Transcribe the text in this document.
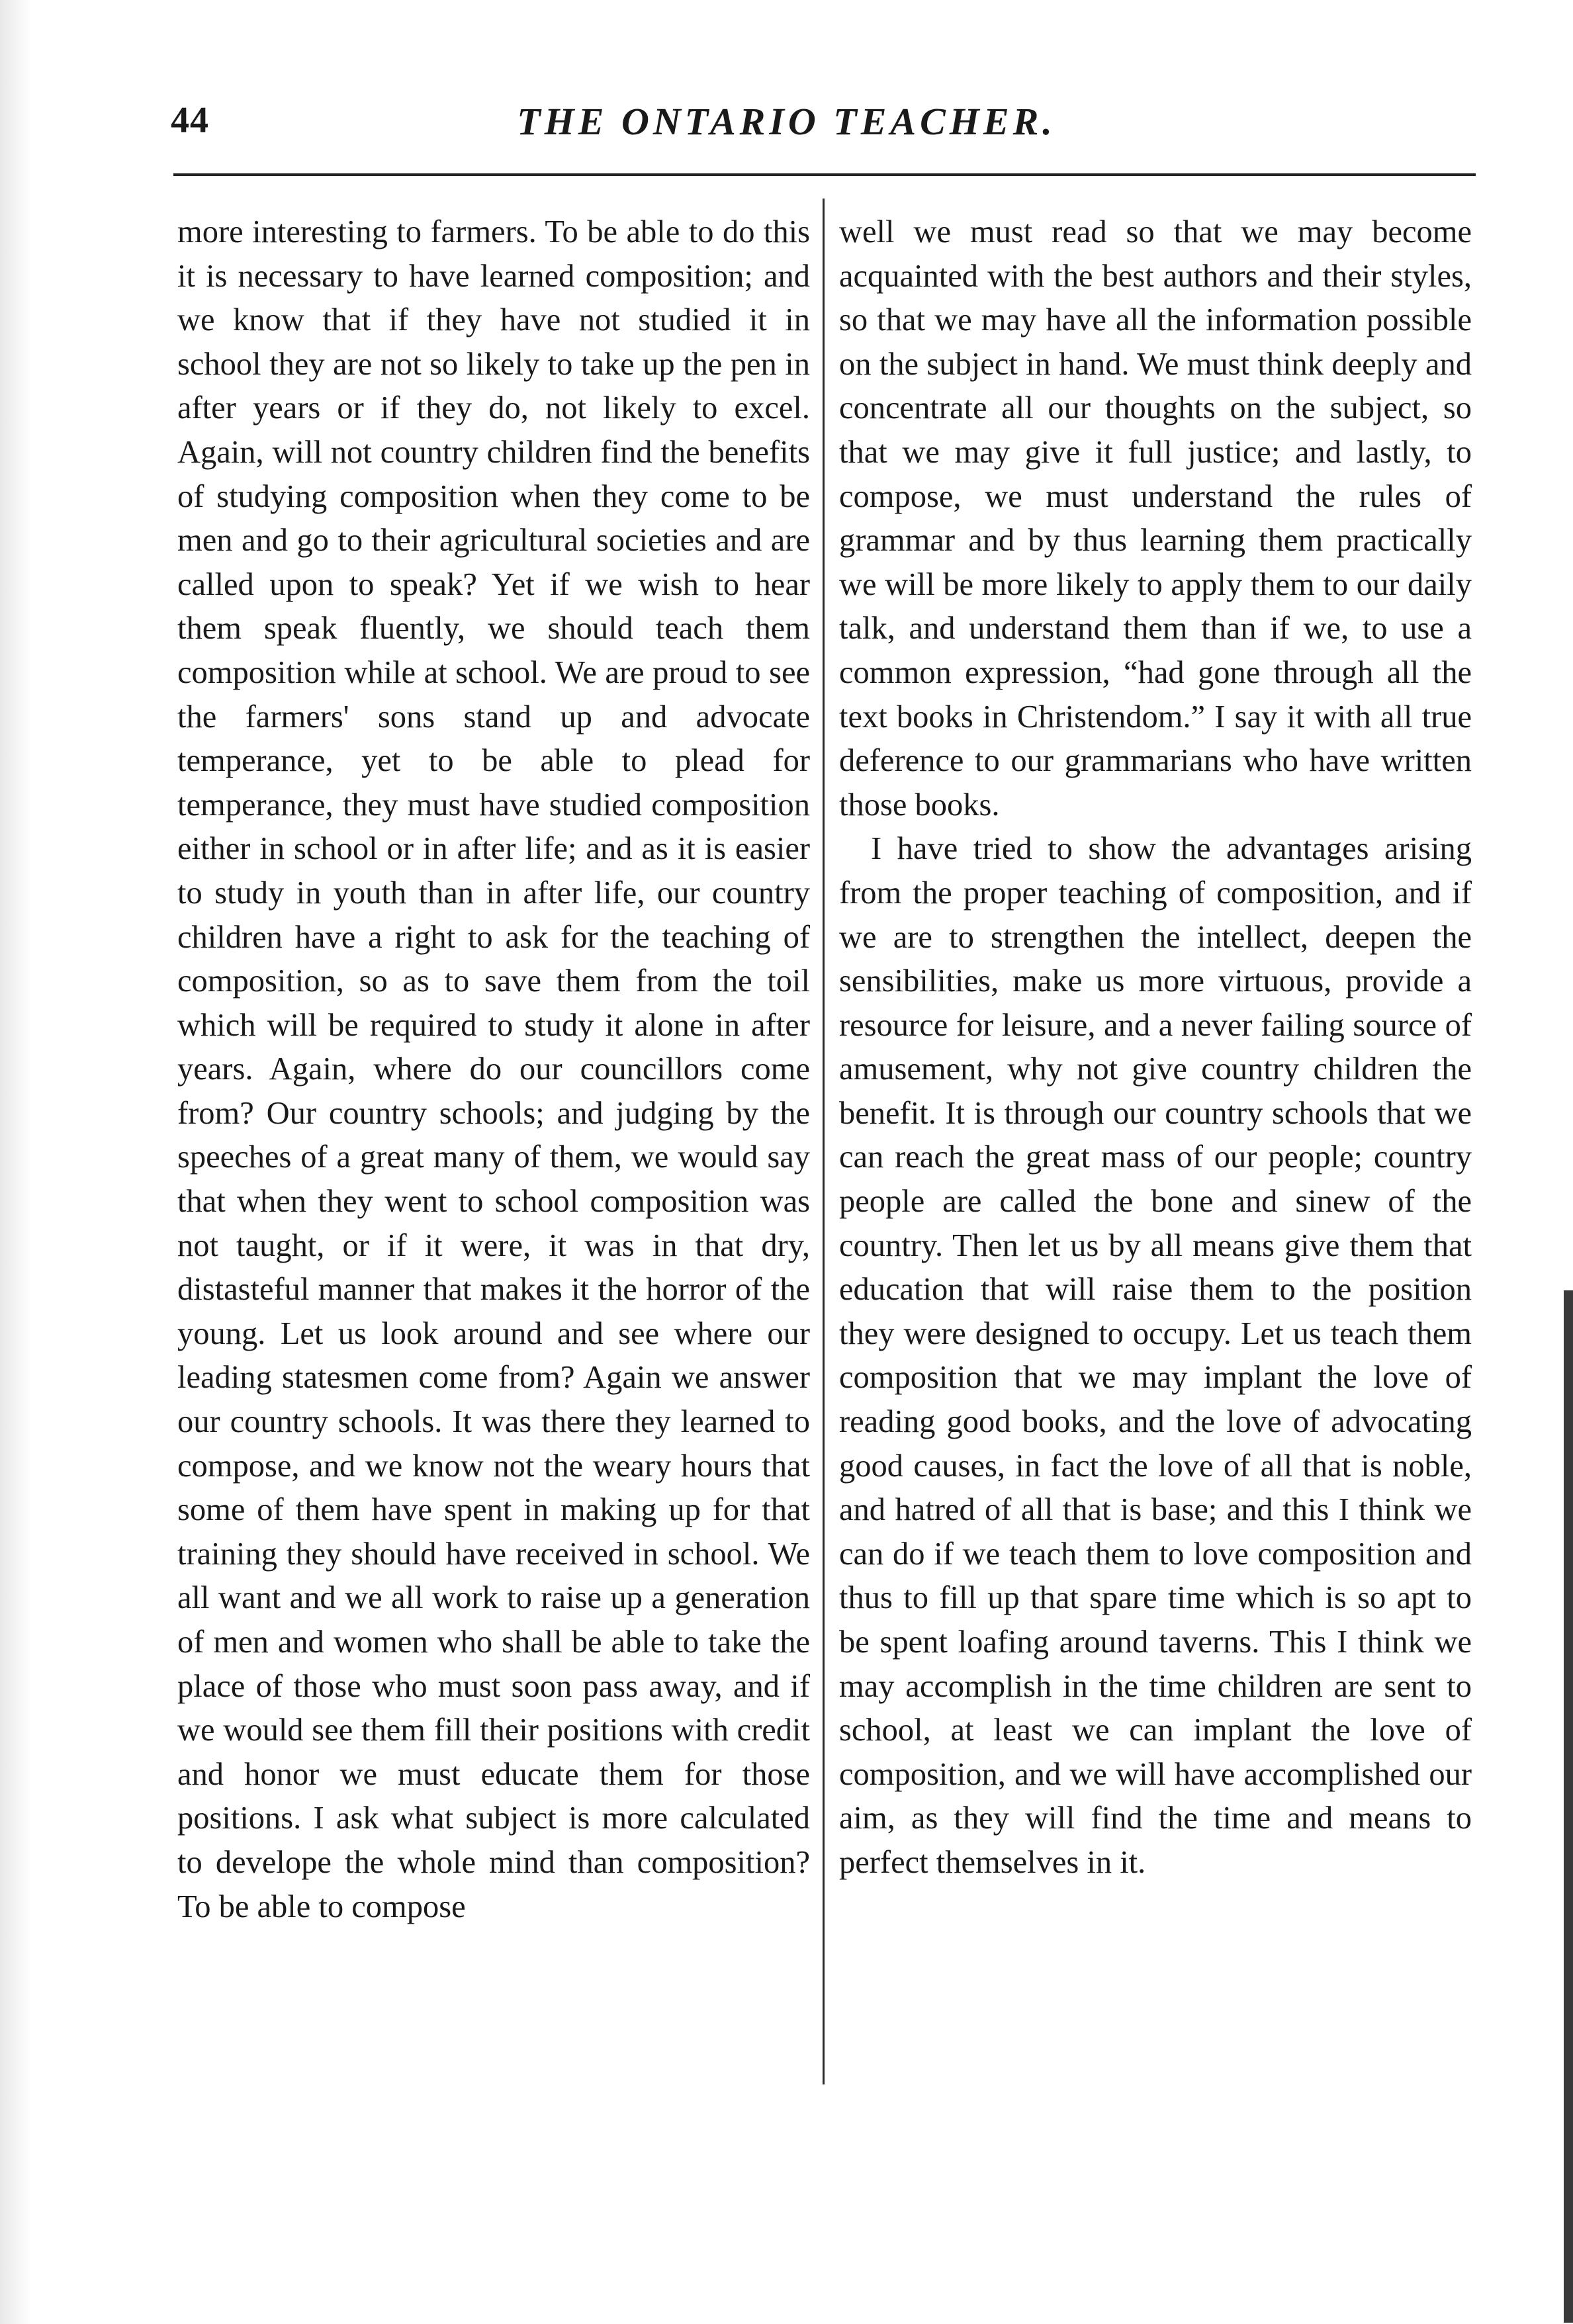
44	THE ONTARIO TEACHER.

more interesting to farmers. To be able to do this it is necessary to have learned composition; and we know that if they have not studied it in school they are not so likely to take up the pen in after years or if they do, not likely to excel. Again, will not country children find the benefits of studying composition when they come to be men and go to their agricultural societies and are called upon to speak? Yet if we wish to hear them speak fluently, we should teach them composition while at school. We are proud to see the farmers' sons stand up and advocate temperance, yet to be able to plead for temperance, they must have studied composition either in school or in after life; and as it is easier to study in youth than in after life, our country children have a right to ask for the teaching of composition, so as to save them from the toil which will be required to study it alone in after years. Again, where do our councillors come from? Our country schools; and judging by the speeches of a great many of them, we would say that when they went to school composition was not taught, or if it were, it was in that dry, distasteful manner that makes it the horror of the young. Let us look around and see where our leading statesmen come from? Again we answer our country schools. It was there they learned to compose, and we know not the weary hours that some of them have spent in making up for that training they should have received in school. We all want and we all work to raise up a generation of men and women who shall be able to take the place of those who must soon pass away, and if we would see them fill their positions with credit and honor we must educate them for those positions. I ask what subject is more calculated to develope the whole mind than composition? To be able to compose

well we must read so that we may become acquainted with the best authors and their styles, so that we may have all the information possible on the subject in hand. We must think deeply and concentrate all our thoughts on the subject, so that we may give it full justice; and lastly, to compose, we must understand the rules of grammar and by thus learning them practically we will be more likely to apply them to our daily talk, and understand them than if we, to use a common expression, “had gone through all the text books in Christendom.” I say it with all true deference to our grammarians who have written those books.

I have tried to show the advantages arising from the proper teaching of composition, and if we are to strengthen the intellect, deepen the sensibilities, make us more virtuous, provide a resource for leisure, and a never failing source of amusement, why not give country children the benefit. It is through our country schools that we can reach the great mass of our people; country people are called the bone and sinew of the country. Then let us by all means give them that education that will raise them to the position they were designed to occupy. Let us teach them composition that we may implant the love of reading good books, and the love of advocating good causes, in fact the love of all that is noble, and hatred of all that is base; and this I think we can do if we teach them to love composition and thus to fill up that spare time which is so apt to be spent loafing around taverns. This I think we may accomplish in the time children are sent to school, at least we can implant the love of composition, and we will have accomplished our aim, as they will find the time and means to perfect themselves in it.
